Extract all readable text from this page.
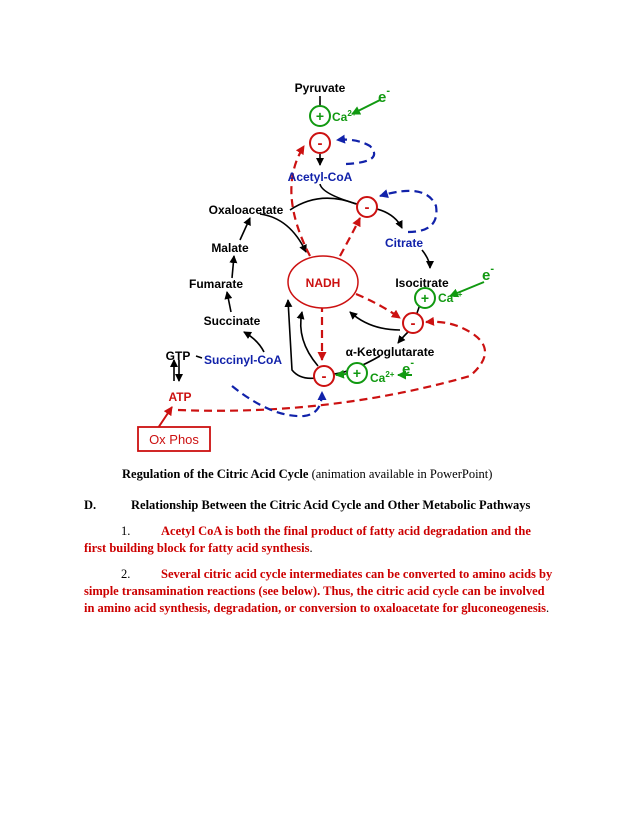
NADH
-
-
-
-
+
+
+
$Ca^{2+}$
$Ca^{2+}$
$Ca^{2+}$
e-
e-
e-
Pyruvate
Acetyl-CoA
Oxaloacetate
Citrate
Malate
Isocitrate
Fumarate
Succinate
α-Ketoglutarate
Succinyl-CoA
GTP
ATP
Ox Phos
Regulation of the Citric Acid Cycle (animation available in PowerPoint)
D.	Relationship Between the Citric Acid Cycle and Other Metabolic Pathways
1. Acetyl CoA is both the final product of fatty acid degradation and the first building block for fatty acid synthesis.
2. Several citric acid cycle intermediates can be converted to amino acids by simple transamination reactions (see below). Thus, the citric acid cycle can be involved in amino acid synthesis, degradation, or conversion to oxaloacetate for gluconeogenesis.
